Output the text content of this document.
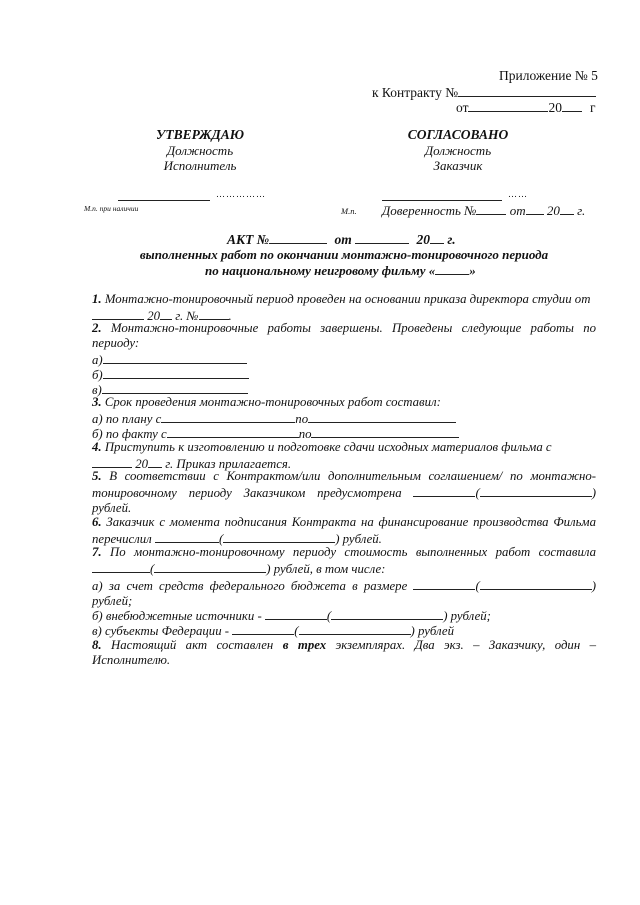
Приложение № 5
к Контракту №
от	20 г
УТВЕРЖДАЮ
Должность
Исполнитель
……………
М.п. при наличии
СОГЛАСОВАНО
Должность
Заказчик
……
М.п. Доверенность №	от 20 г.
АКТ №	от	20 г.
выполненных работ по окончании монтажно-тонировочного периода
по национальному неигровому фильму «	»
1. Монтажно-тонировочный период проведен на основании приказа директора студии от
20 г. № .
2. Монтажно-тонировочные работы завершены. Проведены следующие работы по периоду:
а)
б)
в)
3. Срок проведения монтажно-тонировочных работ составил:
а) по плану с	по
б) по факту с	по
4. Приступить к изготовлению и подготовке сдачи исходных материалов фильма с
20 г. Приказ прилагается.
5. В соответствии с Контрактом/или дополнительным соглашением/ по монтажно-тонировочному периоду Заказчиком предусмотрена	(	) рублей.
6. Заказчик с момента подписания Контракта на финансирование производства Фильма перечислил	(	) рублей.
7. По монтажно-тонировочному периоду стоимость выполненных работ составила (	) рублей, в том числе:
а) за счет средств федерального бюджета в размере	(	) рублей;
б) внебюджетные источники -	(	) рублей;
в) субъекты Федерации -	(	) рублей
8. Настоящий акт составлен в трех экземплярах. Два экз. – Заказчику, один – Исполнителю.
